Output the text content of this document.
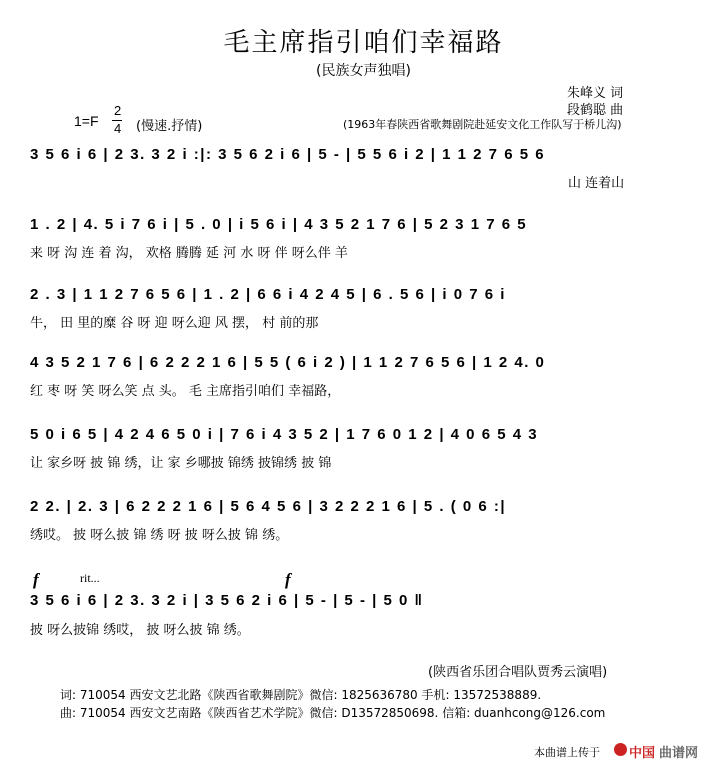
毛主席指引咱们幸福路
(民族女声独唱)
朱峰义 词
段鹤聪 曲
1=F
2
4 (慢速.抒情)	(1963年春陕西省歌舞剧院赴延安文化工作队写于桥儿沟)
3 5 6 i 6 | 2 3. 3 2 i :|: 3 5 6 2 i 6 | 5 - | 5 5 6 i 2 | 1 1 2 7 6 5 6
山 连着山
1 . 2 | 4. 5 i 7 6 i | 5 . 0 | i 5 6 i | 4 3 5 2 1 7 6 | 5 2 3 1 7 6 5
来 呀 沟 连 着 沟， 欢格 腾腾 延 河 水 呀 伴 呀么伴 羊
2 . 3 | 1 1 2 7 6 5 6 | 1 . 2 | 6 6 i 4 2 4 5 | 6 . 5 6 | i 0 7 6 i
牛， 田 里的糜 谷 呀 迎 呀么迎 风 摆， 村 前的那
4 3 5 2 1 7 6 | 6 2 2 2 1 6 | 5 5 ( 6 i 2 ) | 1 1 2 7 6 5 6 | 1 2 4. 0
红 枣 呀 笑 呀么笑 点 头。 毛 主席指引咱们 幸福路，
5 0 i 6 5 | 4 2 4 6 5 0 i | 7 6 i 4 3 5 2 | 1 7 6 0 1 2 | 4 0 6 5 4 3
让 家乡呀 披 锦 绣，让 家 乡哪披 锦绣 披锦绣 披 锦
2 2. | 2. 3 | 6 2 2 2 1 6 | 5 6 4 5 6 | 3 2 2 2 1 6 | 5 . ( 0 6 :|
绣哎。 披 呀么披 锦 绣 呀 披 呀么披 锦 绣。
f	rit...	f
3 5 6 i 6 | 2 3. 3 2 i | 3 5 6 2 i 6 | 5 - | 5 - | 5 0 ‖
披 呀么披锦 绣哎， 披 呀么披 锦 绣。
(陕西省乐团合唱队贾秀云演唱)
词: 710054 西安文艺北路《陕西省歌舞剧院》微信: 1825636780 手机: 13572538889.
曲: 710054 西安文艺南路《陕西省艺术学院》微信: D13572850698. 信箱: duanhcong@126.com
本曲谱上传于 中国 曲谱网
